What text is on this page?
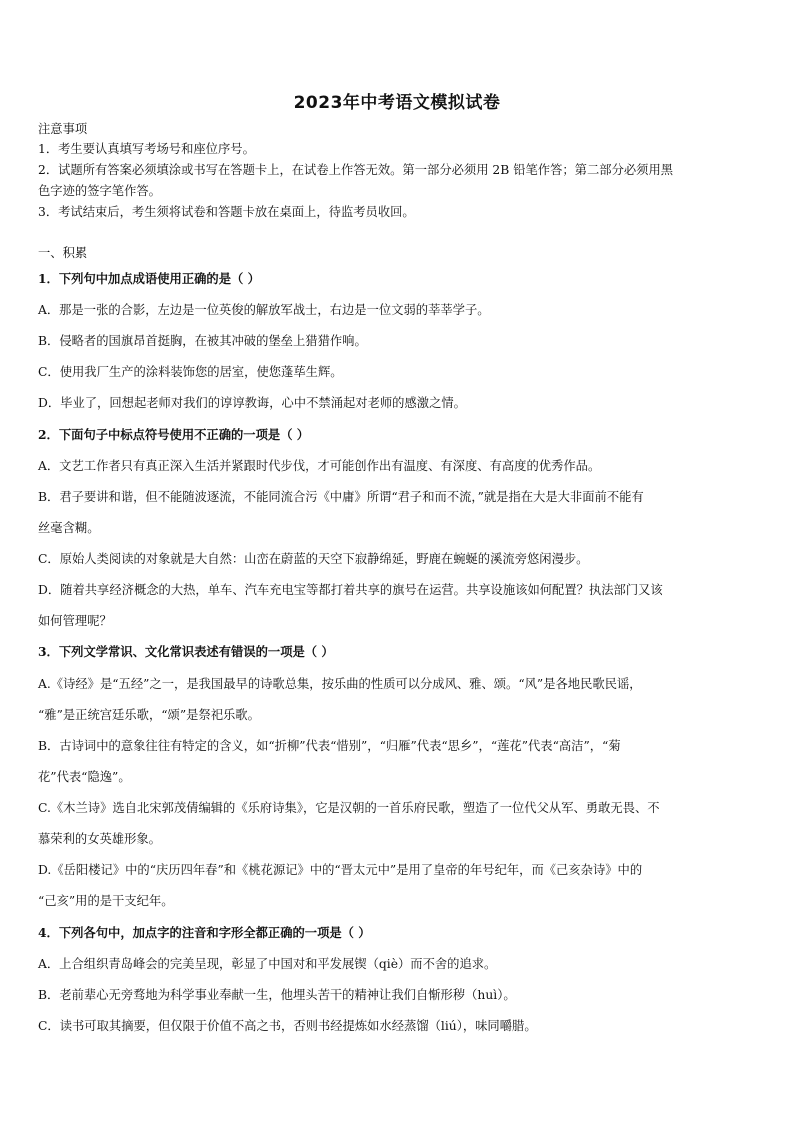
2023年中考语文模拟试卷
注意事项
1．考生要认真填写考场号和座位序号。
2．试题所有答案必须填涂或书写在答题卡上，在试卷上作答无效。第一部分必须用 2B 铅笔作答；第二部分必须用黑
色字迹的签字笔作答。
3．考试结束后，考生须将试卷和答题卡放在桌面上，待监考员收回。
一、积累
1．下列句中加点成语使用正确的是（ ）
A．那是一张的合影，左边是一位英俊的解放军战士，右边是一位文弱的莘莘学子。
B．侵略者的国旗昂首挺胸，在被其冲破的堡垒上猎猎作响。
C．使用我厂生产的涂料装饰您的居室，使您蓬荜生辉。
D．毕业了，回想起老师对我们的谆谆教诲，心中不禁涌起对老师的感激之情。
2．下面句子中标点符号使用不正确的一项是（ ）
A．文艺工作者只有真正深入生活并紧跟时代步伐，才可能创作出有温度、有深度、有高度的优秀作品。
B．君子要讲和谐，但不能随波逐流，不能同流合污《中庸》所谓“君子和而不流，”就是指在大是大非面前不能有
丝毫含糊。
C．原始人类阅读的对象就是大自然：山峦在蔚蓝的天空下寂静绵延，野鹿在蜿蜒的溪流旁悠闲漫步。
D．随着共享经济概念的大热，单车、汽车充电宝等都打着共享的旗号在运营。共享设施该如何配置？执法部门又该
如何管理呢？
3．下列文学常识、文化常识表述有错误的一项是（ ）
A.《诗经》是“五经”之一，是我国最早的诗歌总集，按乐曲的性质可以分成风、雅、颂。“风”是各地民歌民谣，
“雅”是正统宫廷乐歌，“颂”是祭祀乐歌。
B．古诗词中的意象往往有特定的含义，如“折柳”代表“惜别”，“归雁”代表“思乡”，“莲花”代表“高洁”，“菊
花”代表“隐逸”。
C.《木兰诗》选自北宋郭茂倩编辑的《乐府诗集》，它是汉朝的一首乐府民歌，塑造了一位代父从军、勇敢无畏、不
慕荣利的女英雄形象。
D.《岳阳楼记》中的“庆历四年春”和《桃花源记》中的“晋太元中”是用了皇帝的年号纪年，而《己亥杂诗》中的
“己亥”用的是干支纪年。
4．下列各句中，加点字的注音和字形全都正确的一项是（ ）
A．上合组织青岛峰会的完美呈现，彰显了中国对和平发展锲（qiè）而不舍的追求。
B．老前辈心无旁骛地为科学事业奉献一生，他埋头苦干的精神让我们自惭形秽（huì）。
C．读书可取其摘要，但仅限于价值不高之书，否则书经提炼如水经蒸馏（liú），味同嚼腊。
